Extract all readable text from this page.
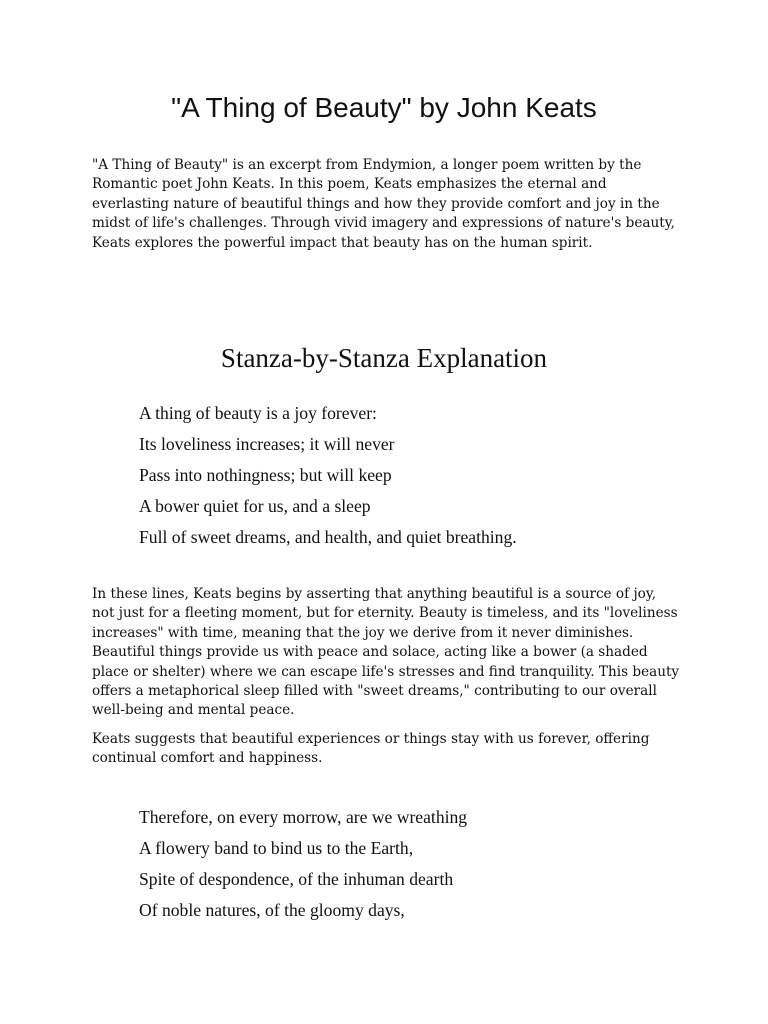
"A Thing of Beauty" by John Keats

"A Thing of Beauty" is an excerpt from Endymion, a longer poem written by the Romantic poet John Keats. In this poem, Keats emphasizes the eternal and everlasting nature of beautiful things and how they provide comfort and joy in the midst of life's challenges. Through vivid imagery and expressions of nature's beauty, Keats explores the powerful impact that beauty has on the human spirit.

Stanza-by-Stanza Explanation
A thing of beauty is a joy forever:
Its loveliness increases; it will never
Pass into nothingness; but will keep
A bower quiet for us, and a sleep
Full of sweet dreams, and health, and quiet breathing.

In these lines, Keats begins by asserting that anything beautiful is a source of joy, not just for a fleeting moment, but for eternity. Beauty is timeless, and its "loveliness increases" with time, meaning that the joy we derive from it never diminishes. Beautiful things provide us with peace and solace, acting like a bower (a shaded place or shelter) where we can escape life's stresses and find tranquility. This beauty offers a metaphorical sleep filled with "sweet dreams," contributing to our overall well-being and mental peace.

Keats suggests that beautiful experiences or things stay with us forever, offering continual comfort and happiness.

Therefore, on every morrow, are we wreathing
A flowery band to bind us to the Earth,
Spite of despondence, of the inhuman dearth
Of noble natures, of the gloomy days,
